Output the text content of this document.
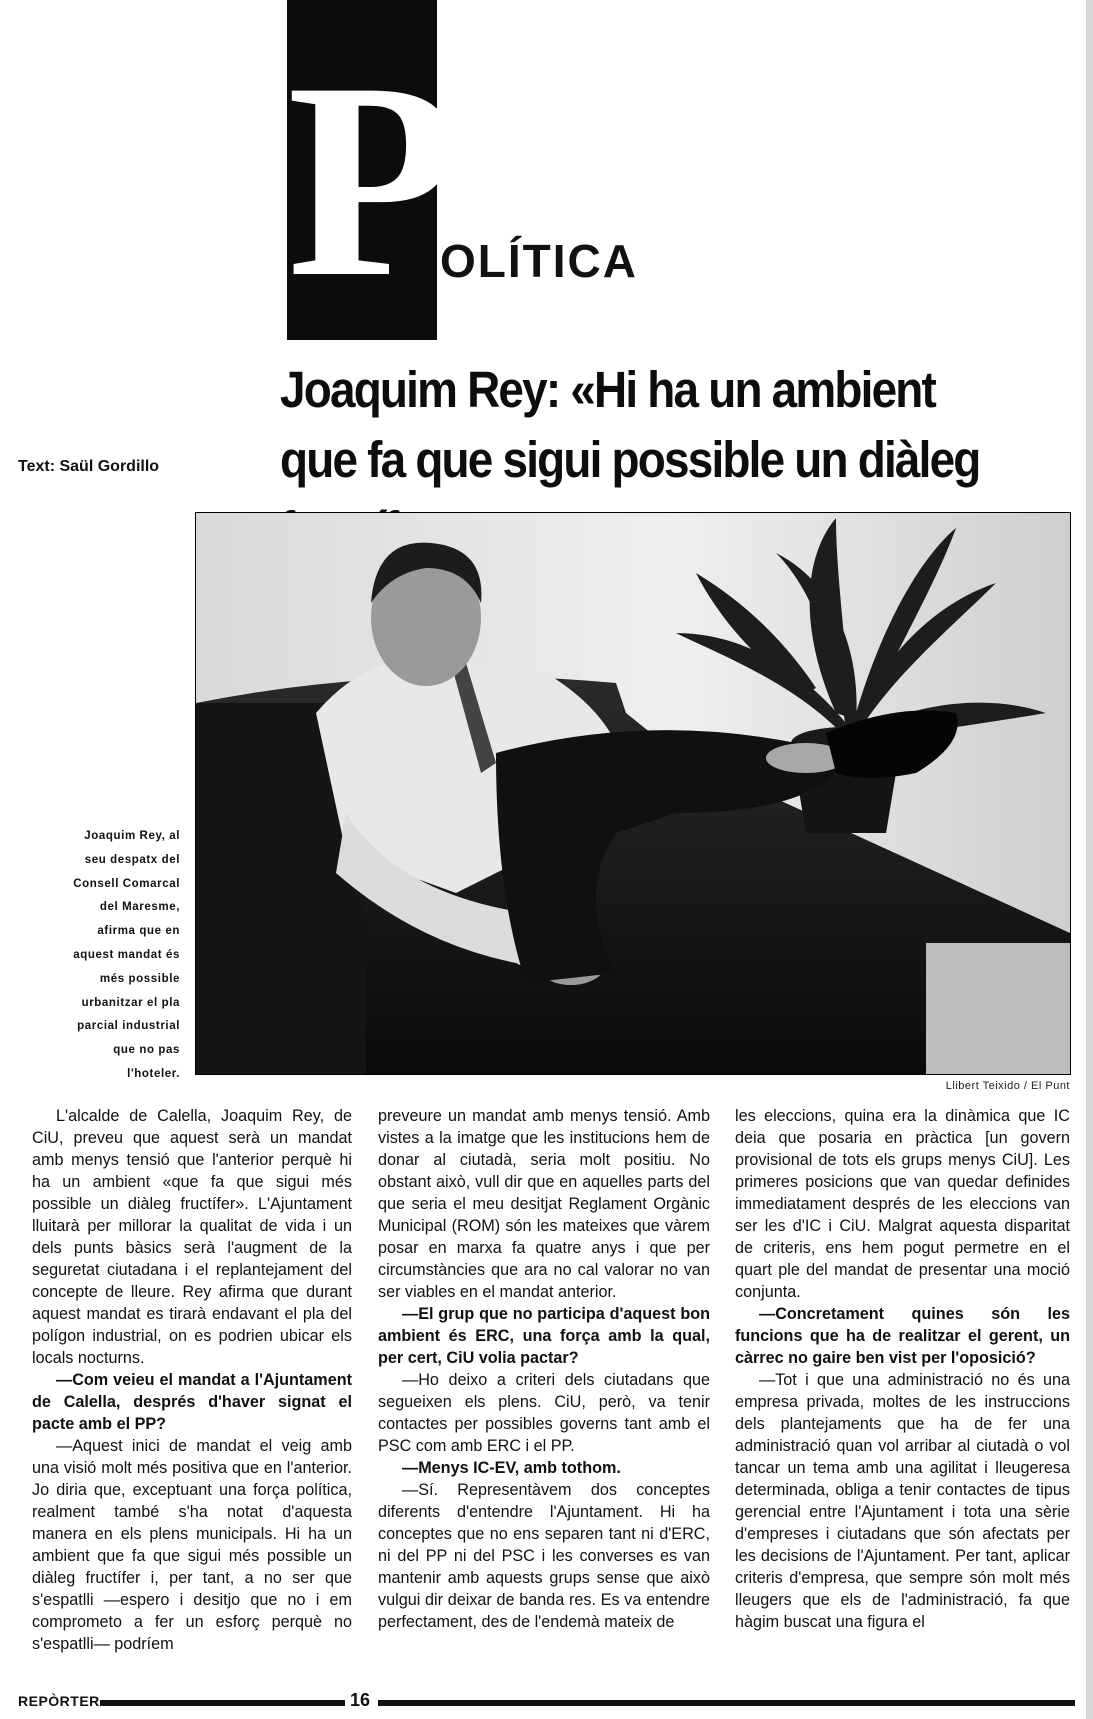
P
OLÍTICA
Joaquim Rey: «Hi ha un ambient que fa que sigui possible un diàleg
Text: Saül Gordillo
Joaquim Rey, al
seu despatx del
Consell Comarcal
del Maresme,
afirma que en
aquest mandat és
més possible
urbanitzar el pla
parcial industrial
que no pas
l'hoteler.
Llibert Teixido / El Punt

L'alcalde de Calella, Joaquim Rey, de CiU, preveu que aquest serà un mandat amb menys tensió que l'anterior perquè hi ha un ambient «que fa que sigui més possible un diàleg fructífer». L'Ajuntament lluitarà per millorar la qualitat de vida i un dels punts bàsics serà l'augment de la seguretat ciutadana i el replantejament del concepte de lleure. Rey afirma que durant aquest mandat es tirarà endavant el pla del polígon industrial, on es podrien ubicar els locals nocturns.

—Com veieu el mandat a l'Ajuntament de Calella, després d'haver signat el pacte amb el PP?

—Aquest inici de mandat el veig amb una visió molt més positiva que en l'anterior. Jo diria que, exceptuant una força política, realment també s'ha notat d'aquesta manera en els plens municipals. Hi ha un ambient que fa que sigui més possible un diàleg fructífer i, per tant, a no ser que s'espatlli —espero i desitjo que no i em comprometo a fer un esforç perquè no s'espatlli— podríem

preveure un mandat amb menys tensió. Amb vistes a la imatge que les institucions hem de donar al ciutadà, seria molt positiu. No obstant això, vull dir que en aquelles parts del que seria el meu desitjat Reglament Orgànic Municipal (ROM) són les mateixes que vàrem posar en marxa fa quatre anys i que per circumstàncies que ara no cal valorar no van ser viables en el mandat anterior.

—El grup que no participa d'aquest bon ambient és ERC, una força amb la qual, per cert, CiU volia pactar?

—Ho deixo a criteri dels ciutadans que segueixen els plens. CiU, però, va tenir contactes per possibles governs tant amb el PSC com amb ERC i el PP.

—Menys IC-EV, amb tothom.

—Sí. Representàvem dos conceptes diferents d'entendre l'Ajuntament. Hi ha conceptes que no ens separen tant ni d'ERC, ni del PP ni del PSC i les converses es van mantenir amb aquests grups sense que això vulgui dir deixar de banda res. Es va entendre perfectament, des de l'endemà mateix de

les eleccions, quina era la dinàmica que IC deia que posaria en pràctica [un govern provisional de tots els grups menys CiU]. Les primeres posicions que van quedar definides immediatament després de les eleccions van ser les d'IC i CiU. Malgrat aquesta disparitat de criteris, ens hem pogut permetre en el quart ple del mandat de presentar una moció conjunta.

—Concretament quines són les funcions que ha de realitzar el gerent, un càrrec no gaire ben vist per l'oposició?

—Tot i que una administració no és una empresa privada, moltes de les instruccions dels plantejaments que ha de fer una administració quan vol arribar al ciutadà o vol tancar un tema amb una agilitat i lleugeresa determinada, obliga a tenir contactes de tipus gerencial entre l'Ajuntament i tota una sèrie d'empreses i ciutadans que són afectats per les decisions de l'Ajuntament. Per tant, aplicar criteris d'empresa, que sempre són molt més lleugers que els de l'administració, fa que hàgim buscat una figura el

REPÒRTER	16
